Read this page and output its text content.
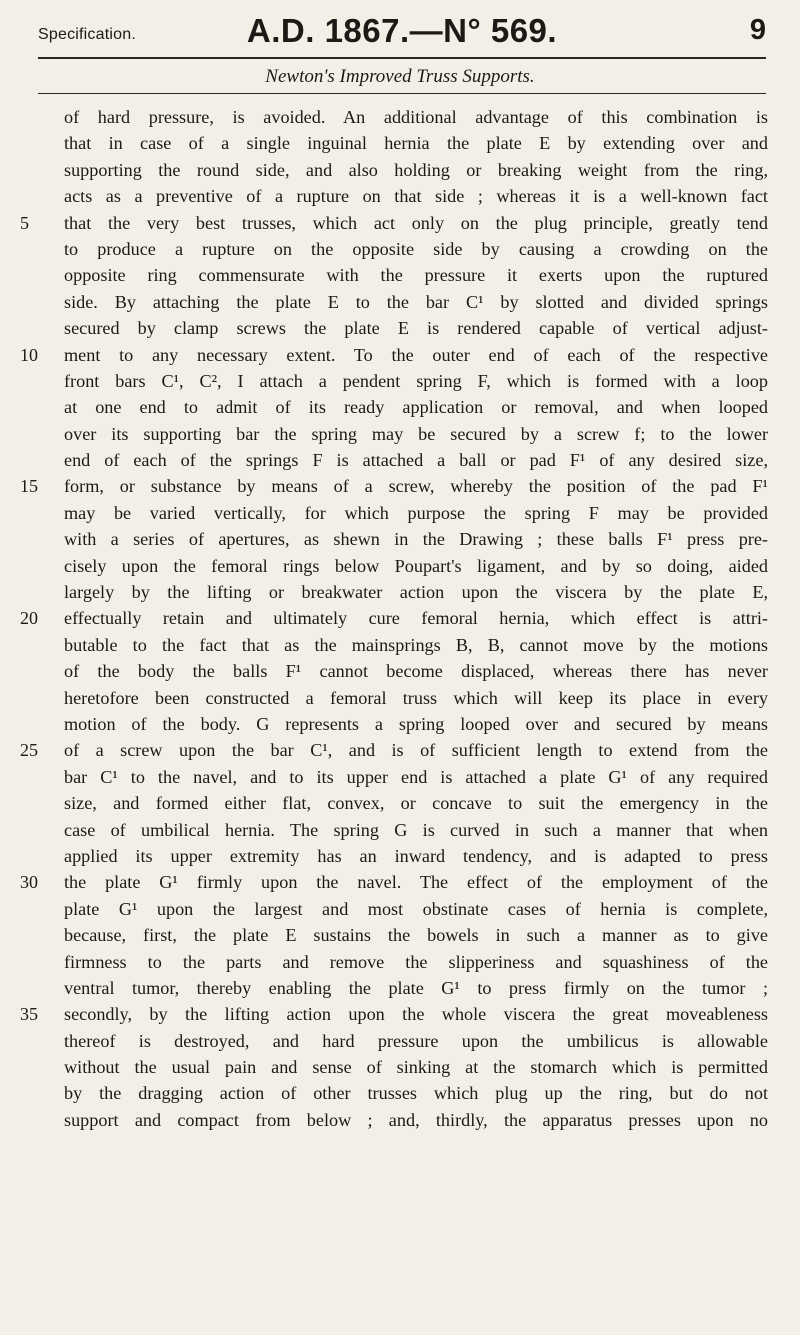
Specification.	A.D. 1867.—N° 569.	9
Newton's Improved Truss Supports.
of hard pressure, is avoided. An additional advantage of this combination is
that in case of a single inguinal hernia the plate E by extending over and
supporting the round side, and also holding or breaking weight from the ring,
acts as a preventive of a rupture on that side ; whereas it is a well-known fact
5	that the very best trusses, which act only on the plug principle, greatly tend
to produce a rupture on the opposite side by causing a crowding on the
opposite ring commensurate with the pressure it exerts upon the ruptured
side. By attaching the plate E to the bar C¹ by slotted and divided springs
secured by clamp screws the plate E is rendered capable of vertical adjust-
10	ment to any necessary extent. To the outer end of each of the respective
front bars C¹, C², I attach a pendent spring F, which is formed with a loop
at one end to admit of its ready application or removal, and when looped
over its supporting bar the spring may be secured by a screw f; to the lower
end of each of the springs F is attached a ball or pad F¹ of any desired size,
15	form, or substance by means of a screw, whereby the position of the pad F¹
may be varied vertically, for which purpose the spring F may be provided
with a series of apertures, as shewn in the Drawing ; these balls F¹ press pre-
cisely upon the femoral rings below Poupart's ligament, and by so doing, aided
largely by the lifting or breakwater action upon the viscera by the plate E,
20	effectually retain and ultimately cure femoral hernia, which effect is attri-
butable to the fact that as the mainsprings B, B, cannot move by the motions
of the body the balls F¹ cannot become displaced, whereas there has never
heretofore been constructed a femoral truss which will keep its place in every
motion of the body. G represents a spring looped over and secured by means
25	of a screw upon the bar C¹, and is of sufficient length to extend from the
bar C¹ to the navel, and to its upper end is attached a plate G¹ of any required
size, and formed either flat, convex, or concave to suit the emergency in the
case of umbilical hernia. The spring G is curved in such a manner that when
applied its upper extremity has an inward tendency, and is adapted to press
30	the plate G¹ firmly upon the navel. The effect of the employment of the
plate G¹ upon the largest and most obstinate cases of hernia is complete,
because, first, the plate E sustains the bowels in such a manner as to give
firmness to the parts and remove the slipperiness and squashiness of the
ventral tumor, thereby enabling the plate G¹ to press firmly on the tumor ;
35	secondly, by the lifting action upon the whole viscera the great moveableness
thereof is destroyed, and hard pressure upon the umbilicus is allowable
without the usual pain and sense of sinking at the stomarch which is permitted
by the dragging action of other trusses which plug up the ring, but do not
support and compact from below ; and, thirdly, the apparatus presses upon no
